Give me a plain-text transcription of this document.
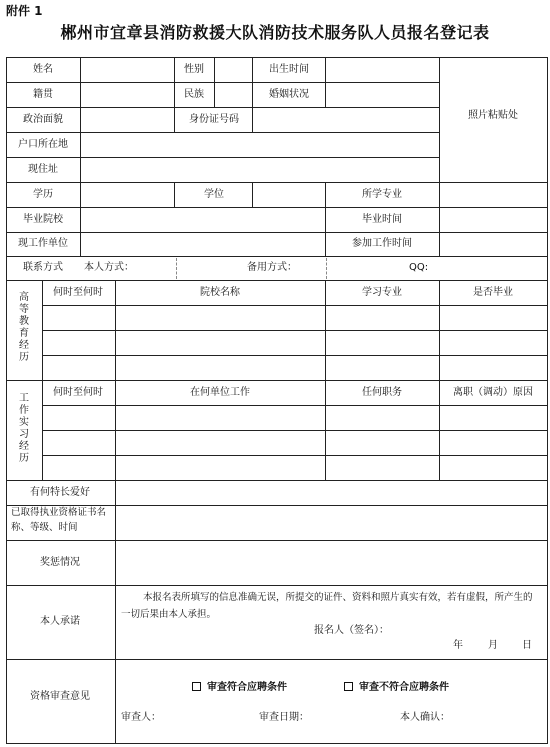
附件 1
郴州市宜章县消防救援大队消防技术服务队人员报名登记表
姓名	性别	出生时间
籍贯	民族	婚姻状况
照片粘贴处
政治面貌	身份证号码
户口所在地
现住址
学历	学位	所学专业
毕业院校	毕业时间
现工作单位	参加工作时间
联系方式 本人方式：	备用方式：	QQ:
高等教育经历
何时至何时	院校名称	学习专业	是否毕业
工作实习经历
何时至何时	在何单位工作	任何职务	离职（调动）原因
有何特长爱好
已取得执业资格证书名称、等级、时间
奖惩情况
本人承诺
本报名表所填写的信息准确无误，所提交的证件、资料和照片真实有效，若有虚假，所产生的一切后果由本人承担。
报名人（签名）：
年	月 日
资格审查意见
审查符合应聘条件	审查不符合应聘条件
审查人：	审查日期：	本人确认：
